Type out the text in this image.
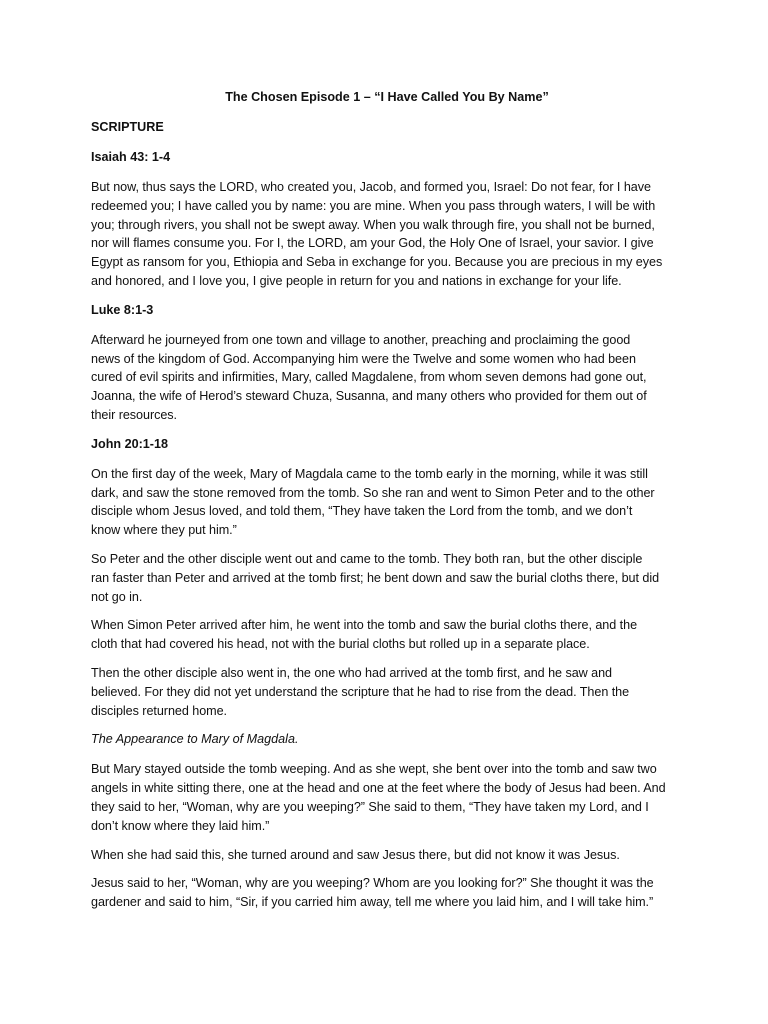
The Chosen Episode 1 – “I Have Called You By Name”
SCRIPTURE
Isaiah 43: 1-4
But now, thus says the LORD, who created you, Jacob, and formed you, Israel: Do not fear, for I have
redeemed you; I have called you by name: you are mine. When you pass through waters, I will be with
you; through rivers, you shall not be swept away. When you walk through fire, you shall not be burned,
nor will flames consume you. For I, the LORD, am your God, the Holy One of Israel, your savior. I give
Egypt as ransom for you, Ethiopia and Seba in exchange for you. Because you are precious in my eyes
and honored, and I love you, I give people in return for you and nations in exchange for your life.
Luke 8:1-3
Afterward he journeyed from one town and village to another, preaching and proclaiming the good
news of the kingdom of God. Accompanying him were the Twelve and some women who had been
cured of evil spirits and infirmities, Mary, called Magdalene, from whom seven demons had gone out,
Joanna, the wife of Herod’s steward Chuza, Susanna, and many others who provided for them out of
their resources.
John 20:1-18
On the first day of the week, Mary of Magdala came to the tomb early in the morning, while it was still
dark, and saw the stone removed from the tomb. So she ran and went to Simon Peter and to the other
disciple whom Jesus loved, and told them, “They have taken the Lord from the tomb, and we don’t
know where they put him.”
So Peter and the other disciple went out and came to the tomb. They both ran, but the other disciple
ran faster than Peter and arrived at the tomb first; he bent down and saw the burial cloths there, but did
not go in.
When Simon Peter arrived after him, he went into the tomb and saw the burial cloths there, and the
cloth that had covered his head, not with the burial cloths but rolled up in a separate place.
Then the other disciple also went in, the one who had arrived at the tomb first, and he saw and
believed. For they did not yet understand the scripture that he had to rise from the dead. Then the
disciples returned home.
The Appearance to Mary of Magdala.
But Mary stayed outside the tomb weeping. And as she wept, she bent over into the tomb and saw two
angels in white sitting there, one at the head and one at the feet where the body of Jesus had been. And
they said to her, “Woman, why are you weeping?” She said to them, “They have taken my Lord, and I
don’t know where they laid him.”
When she had said this, she turned around and saw Jesus there, but did not know it was Jesus.
Jesus said to her, “Woman, why are you weeping? Whom are you looking for?” She thought it was the
gardener and said to him, “Sir, if you carried him away, tell me where you laid him, and I will take him.”
